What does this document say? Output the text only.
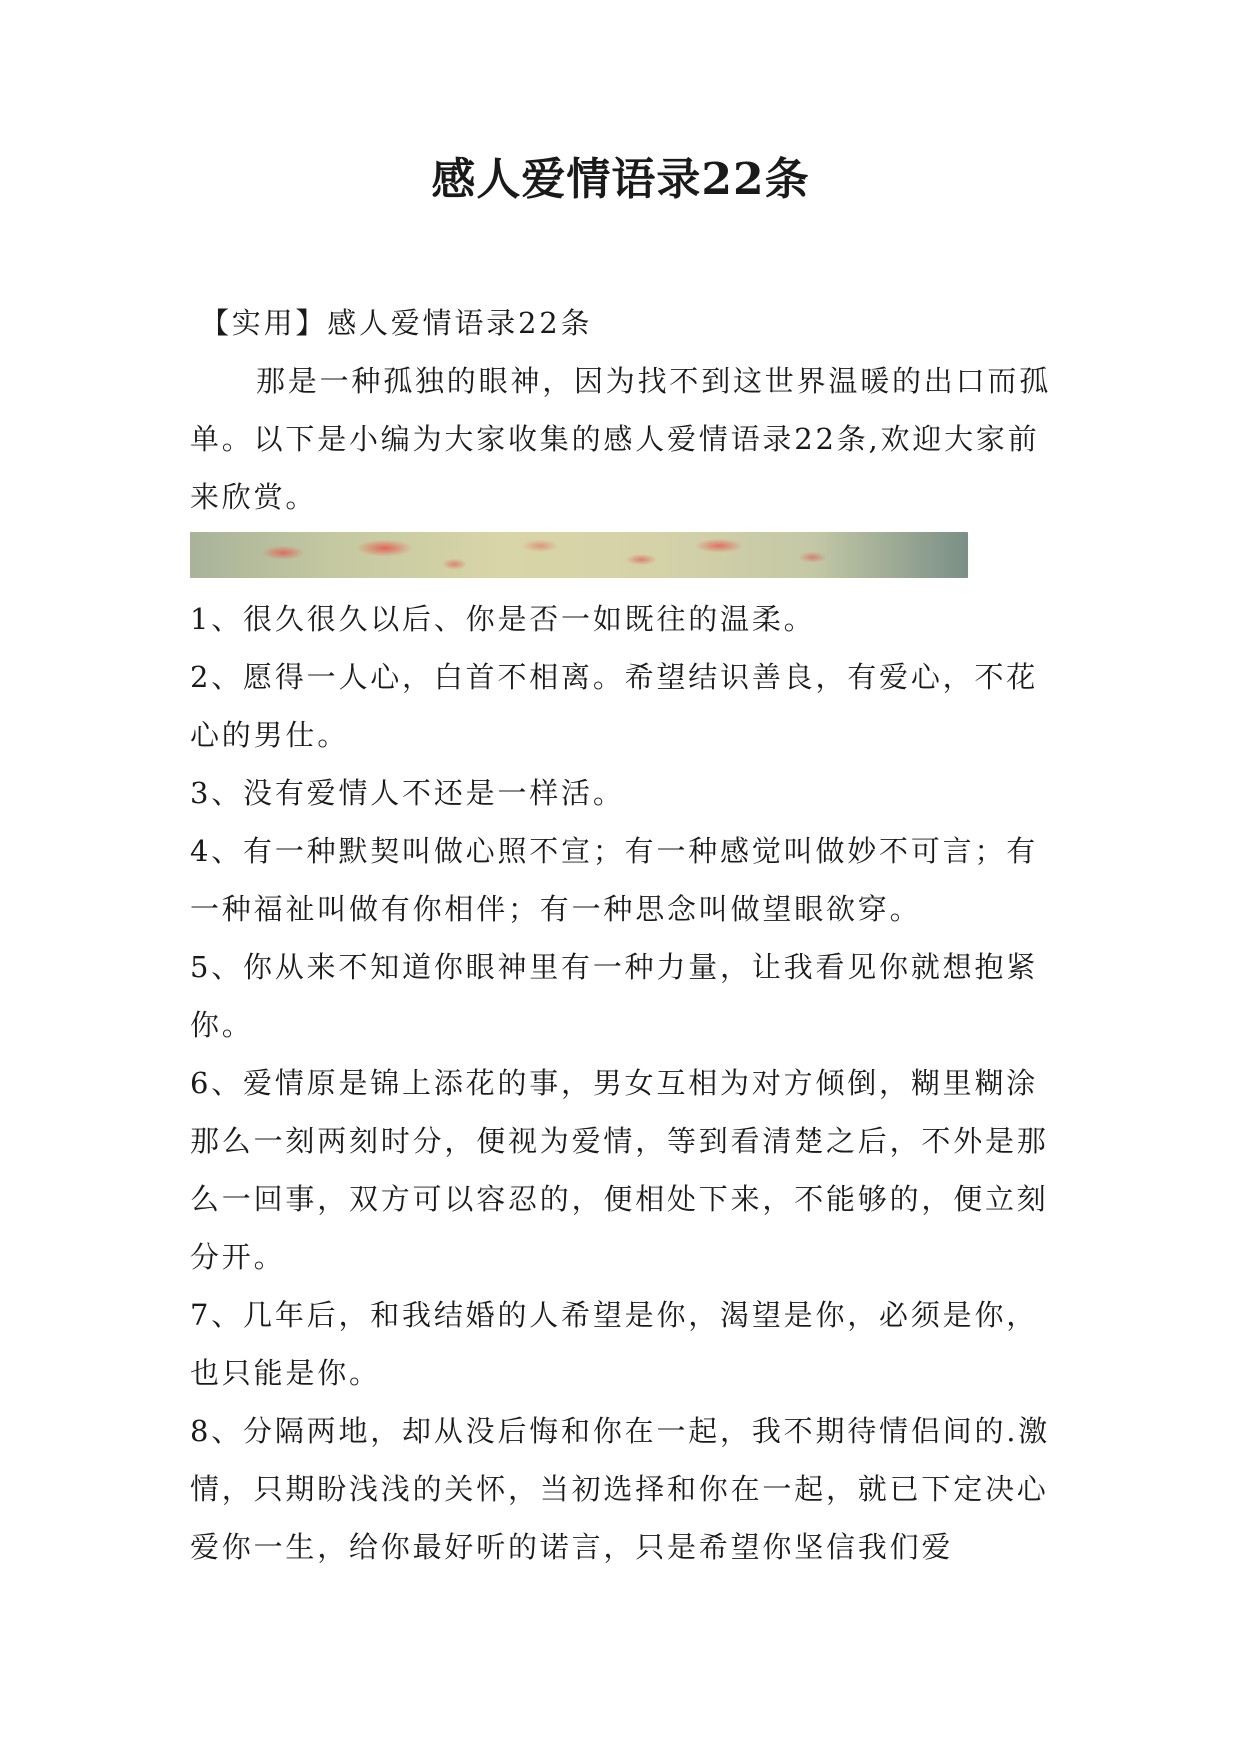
感人爱情语录22条

【实用】感人爱情语录22条

那是一种孤独的眼神，因为找不到这世界温暖的出口而孤单。以下是小编为大家收集的感人爱情语录22条,欢迎大家前来欣赏。

1、很久很久以后、你是否一如既往的温柔。

2、愿得一人心，白首不相离。希望结识善良，有爱心，不花心的男仕。

3、没有爱情人不还是一样活。

4、有一种默契叫做心照不宣；有一种感觉叫做妙不可言；有一种福祉叫做有你相伴；有一种思念叫做望眼欲穿。

5、你从来不知道你眼神里有一种力量，让我看见你就想抱紧你。

6、爱情原是锦上添花的事，男女互相为对方倾倒，糊里糊涂那么一刻两刻时分，便视为爱情，等到看清楚之后，不外是那么一回事，双方可以容忍的，便相处下来，不能够的，便立刻分开。

7、几年后，和我结婚的人希望是你，渴望是你，必须是你，也只能是你。

8、分隔两地，却从没后悔和你在一起，我不期待情侣间的.激情，只期盼浅浅的关怀，当初选择和你在一起，就已下定决心爱你一生，给你最好听的诺言，只是希望你坚信我们爱
